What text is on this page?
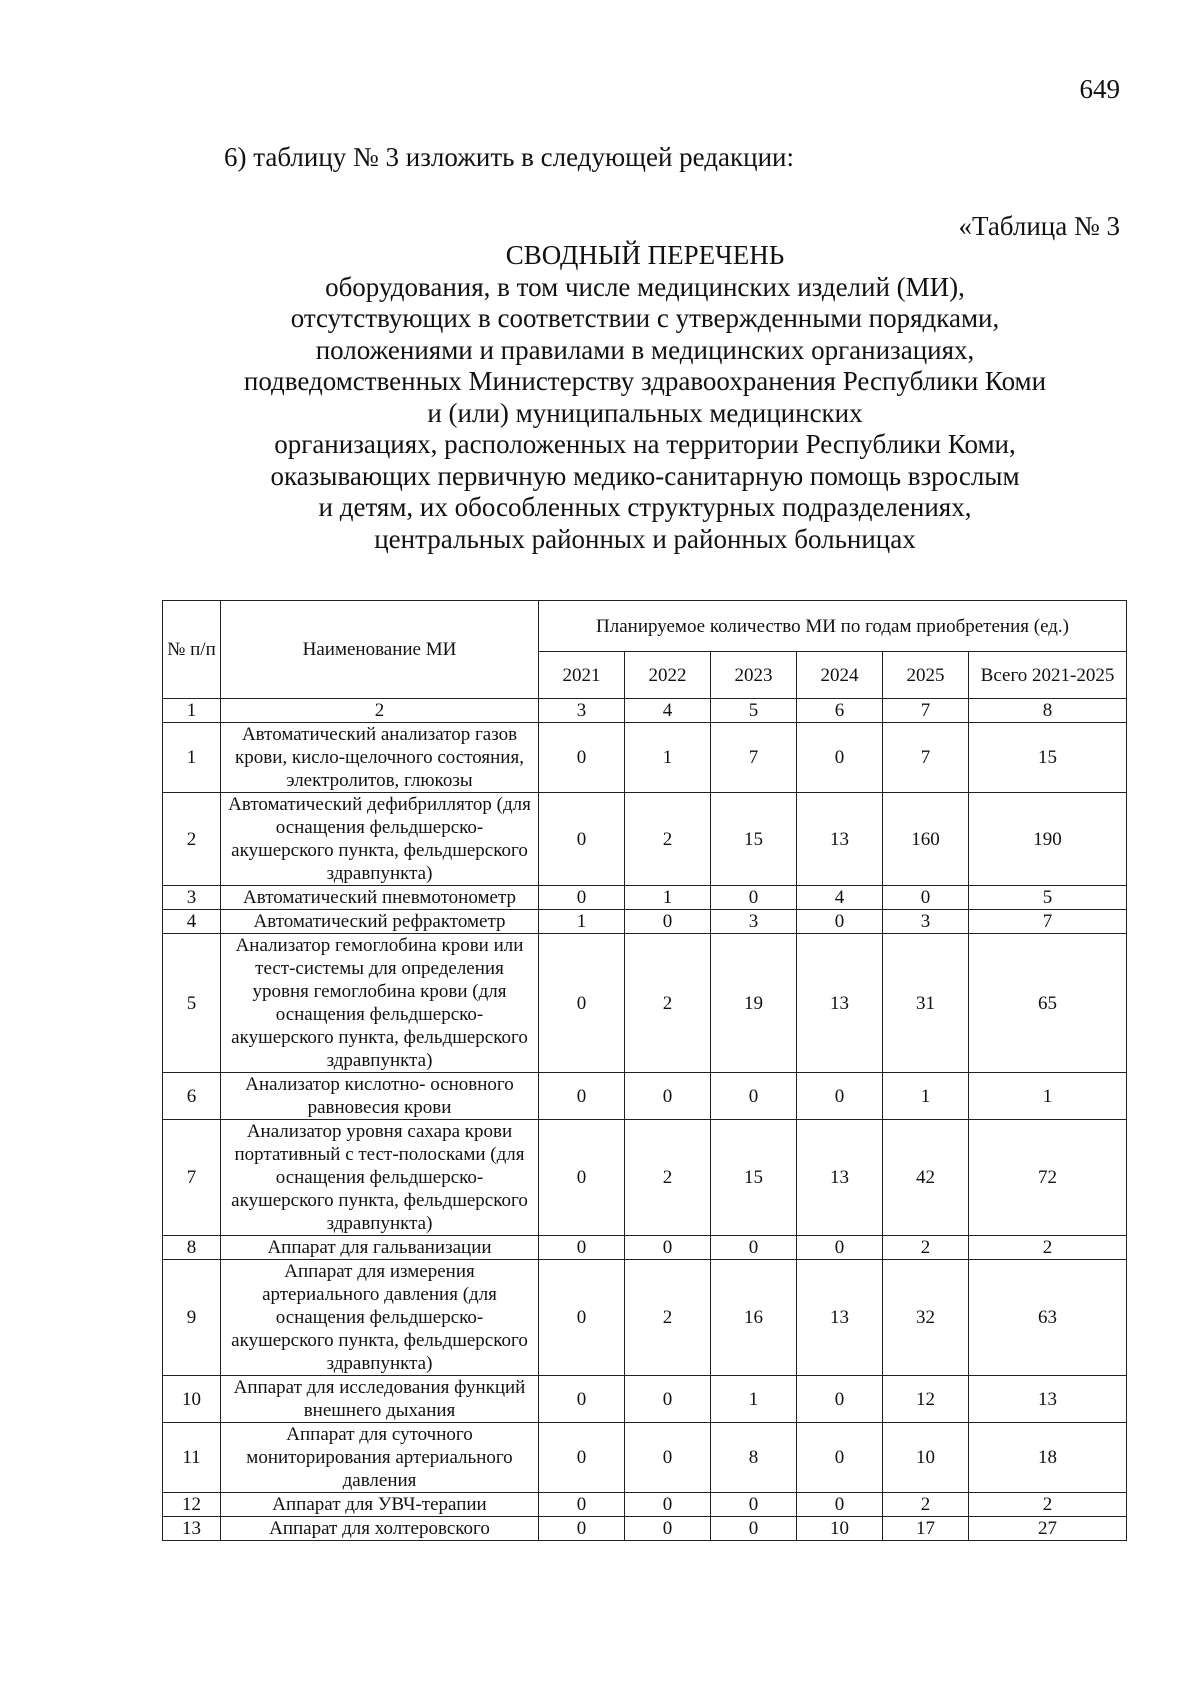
649
6) таблицу № 3 изложить в следующей редакции:
«Таблица № 3
СВОДНЫЙ ПЕРЕЧЕНЬ
оборудования, в том числе медицинских изделий (МИ),
отсутствующих в соответствии с утвержденными порядками,
положениями и правилами в медицинских организациях,
подведомственных Министерству здравоохранения Республики Коми
и (или) муниципальных медицинских
организациях, расположенных на территории Республики Коми,
оказывающих первичную медико-санитарную помощь взрослым
и детям, их обособленных структурных подразделениях,
центральных районных и районных больницах
№ п/п	Наименование МИ	Планируемое количество МИ по годам приобретения (ед.)					
		2021	2022	2023	2024	2025	Всего 2021-2025
1	2	3	4	5	6	7	8
1	Автоматический анализатор газов крови, кисло-щелочного состояния, электролитов, глюкозы	0	1	7	0	7	15
2	Автоматический дефибриллятор (для оснащения фельдшерско-акушерского пункта, фельдшерского здравпункта)	0	2	15	13	160	190
3	Автоматический пневмотонометр	0	1	0	4	0	5
4	Автоматический рефрактометр	1	0	3	0	3	7
5	Анализатор гемоглобина крови или тест-системы для определения уровня гемоглобина крови (для оснащения фельдшерско-акушерского пункта, фельдшерского здравпункта)	0	2	19	13	31	65
6	Анализатор кислотно- основного равновесия крови	0	0	0	0	1	1
7	Анализатор уровня сахара крови портативный с тест-полосками (для оснащения фельдшерско-акушерского пункта, фельдшерского здравпункта)	0	2	15	13	42	72
8	Аппарат для гальванизации	0	0	0	0	2	2
9	Аппарат для измерения артериального давления (для оснащения фельдшерско-акушерского пункта, фельдшерского здравпункта)	0	2	16	13	32	63
10	Аппарат для исследования функций внешнего дыхания	0	0	1	0	12	13
11	Аппарат для суточного мониторирования артериального давления	0	0	8	0	10	18
12	Аппарат для УВЧ-терапии	0	0	0	0	2	2
13	Аппарат для холтеровского	0	0	0	10	17	27
